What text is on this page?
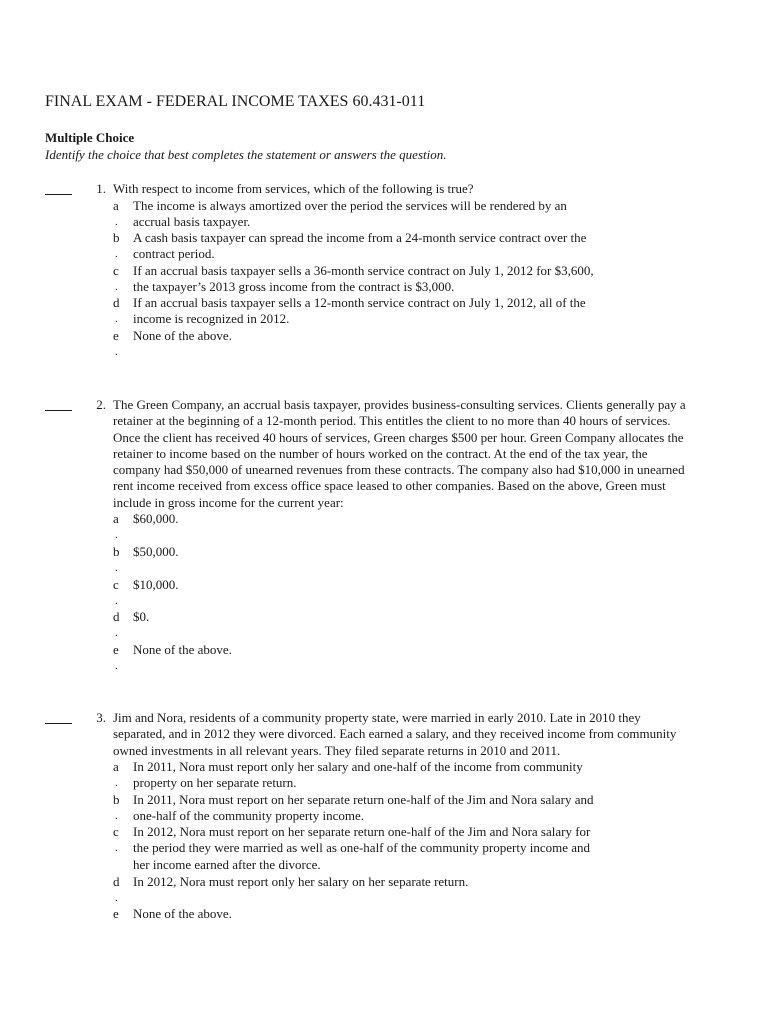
FINAL EXAM - FEDERAL INCOME TAXES 60.431-011
Multiple Choice
Identify the choice that best completes the statement or answers the question.
1. With respect to income from services, which of the following is true?
a
.
The income is always amortized over the period the services will be rendered by an
accrual basis taxpayer.
b
.
A cash basis taxpayer can spread the income from a 24-month service contract over the
contract period.
c
.
If an accrual basis taxpayer sells a 36-month service contract on July 1, 2012 for $3,600,
the taxpayer’s 2013 gross income from the contract is $3,000.
d
.
If an accrual basis taxpayer sells a 12-month service contract on July 1, 2012, all of the
income is recognized in 2012.
e
.
None of the above.
2. The Green Company, an accrual basis taxpayer, provides business-consulting services. Clients generally pay a
retainer at the beginning of a 12-month period. This entitles the client to no more than 40 hours of services.
Once the client has received 40 hours of services, Green charges $500 per hour. Green Company allocates the
retainer to income based on the number of hours worked on the contract. At the end of the tax year, the
company had $50,000 of unearned revenues from these contracts. The company also had $10,000 in unearned
rent income received from excess office space leased to other companies. Based on the above, Green must
include in gross income for the current year:
a
.
$60,000.
b
.
$50,000.
c
.
$10,000.
d
.
$0.
e
.
None of the above.
3. Jim and Nora, residents of a community property state, were married in early 2010. Late in 2010 they
separated, and in 2012 they were divorced. Each earned a salary, and they received income from community
owned investments in all relevant years. They filed separate returns in 2010 and 2011.
a
.
In 2011, Nora must report only her salary and one-half of the income from community
property on her separate return.
b
.
In 2011, Nora must report on her separate return one-half of the Jim and Nora salary and
one-half of the community property income.
c
.
In 2012, Nora must report on her separate return one-half of the Jim and Nora salary for
the period they were married as well as one-half of the community property income and
her income earned after the divorce.
d
.
In 2012, Nora must report only her salary on her separate return.
e None of the above.
